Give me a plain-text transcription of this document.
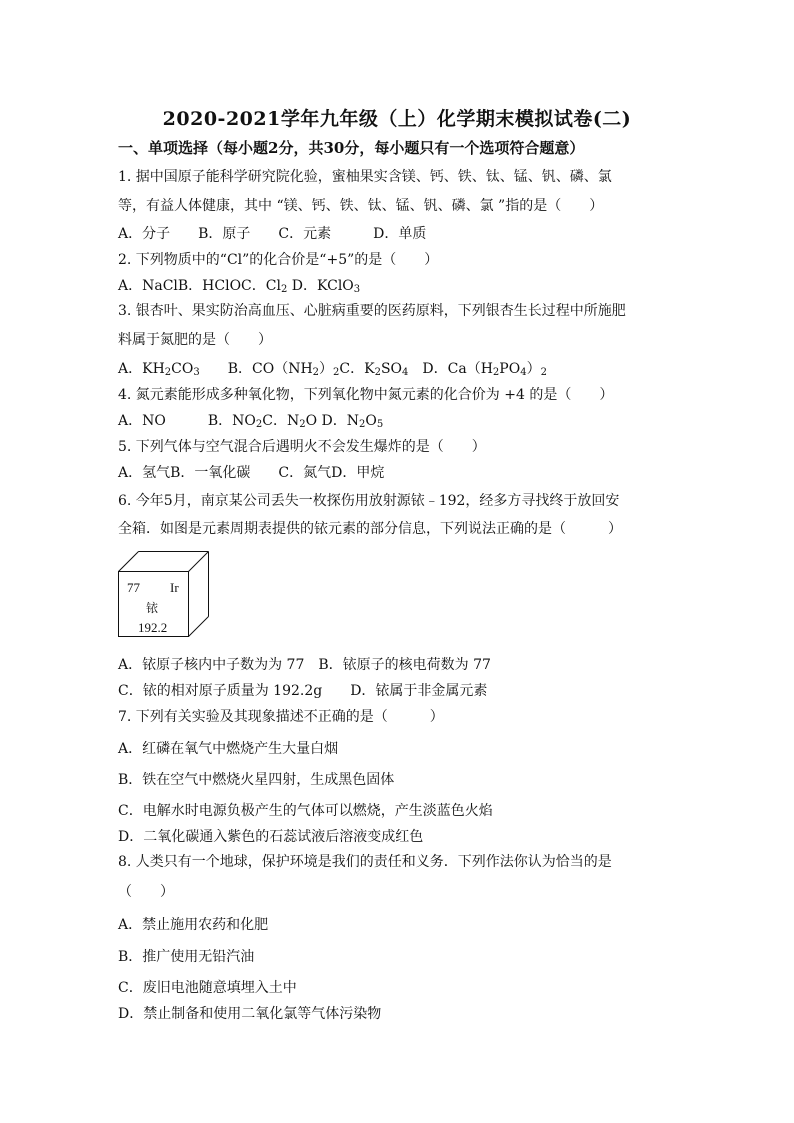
2020-2021学年九年级（上）化学期末模拟试卷(二)
一、单项选择（每小题2分，共30分，每小题只有一个选项符合题意）
1. 据中国原子能科学研究院化验，蜜柚果实含镁、钙、铁、钛、锰、钒、磷、氯
等，有益人体健康，其中 “镁、钙、铁、钛、锰、钒、磷、氯 ”指的是（　　）
A．分子　　B．原子　　C．元素　　　D．单质
2. 下列物质中的“Cl”的化合价是“+5”的是（　　）
A．NaClB．HClOC．$Cl_2$ D．KClO$_3$
3. 银杏叶、果实防治高血压、心脏病重要的医药原料，下列银杏生长过程中所施肥
料属于氮肥的是（　　）
A．$KH_2CO_3$　　B．$CO(NH_2)_2C$．$K_2SO_4$　D．$Ca(H_2PO_4)_2$
4. 氮元素能形成多种氧化物，下列氧化物中氮元素的化合价为 +4 的是（　　）
A．NO　　　B．$NO_2C$．$N_2O$ D．$N_2O_5$
5. 下列气体与空气混合后遇明火不会发生爆炸的是（　　）
A．氢气B．一氧化碳　　C．氮气D．甲烷
6. 今年5月，南京某公司丢失一枚探伤用放射源铱﹣192，经多方寻找终于放回安
全箱．如图是元素周期表提供的铱元素的部分信息，下列说法正确的是（　　　）
77 Ir
铱
192.2
A．铱原子核内中子数为为 77　B．铱原子的核电荷数为 77
C．铱的相对原子质量为 192.2g　　D．铱属于非金属元素
7. 下列有关实验及其现象描述不正确的是（　　　）
A．红磷在氧气中燃烧产生大量白烟
B．铁在空气中燃烧火星四射，生成黑色固体
C．电解水时电源负极产生的气体可以燃烧，产生淡蓝色火焰
D．二氧化碳通入紫色的石蕊试液后溶液变成红色
8. 人类只有一个地球，保护环境是我们的责任和义务．下列作法你认为恰当的是
（　　）
A．禁止施用农药和化肥
B．推广使用无铅汽油
C．废旧电池随意填埋入土中
D．禁止制备和使用二氧化氯等气体污染物
